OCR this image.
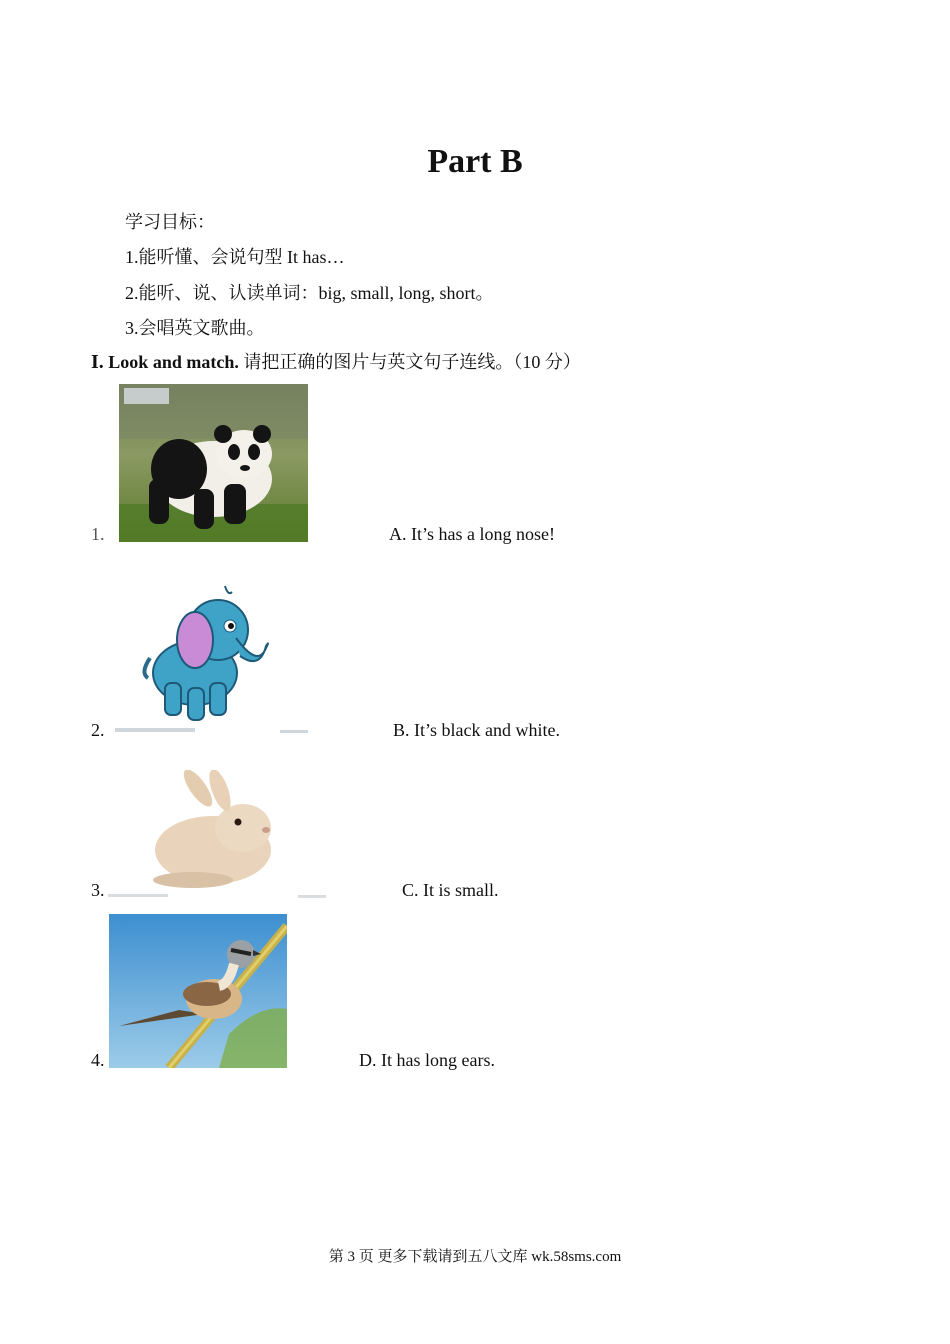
Part B
学习目标：
1.能听懂、会说句型 It has…
2.能听、说、认读单词：big, small, long, short。
3.会唱英文歌曲。
I. Look and match. 请把正确的图片与英文句子连线。（10 分）
1.	A. It’s has a long nose!
2.	B. It’s black and white.
3.	C. It is small.
4.	D. It has long ears.
第 3 页 更多下载请到五八文库 wk.58sms.com
